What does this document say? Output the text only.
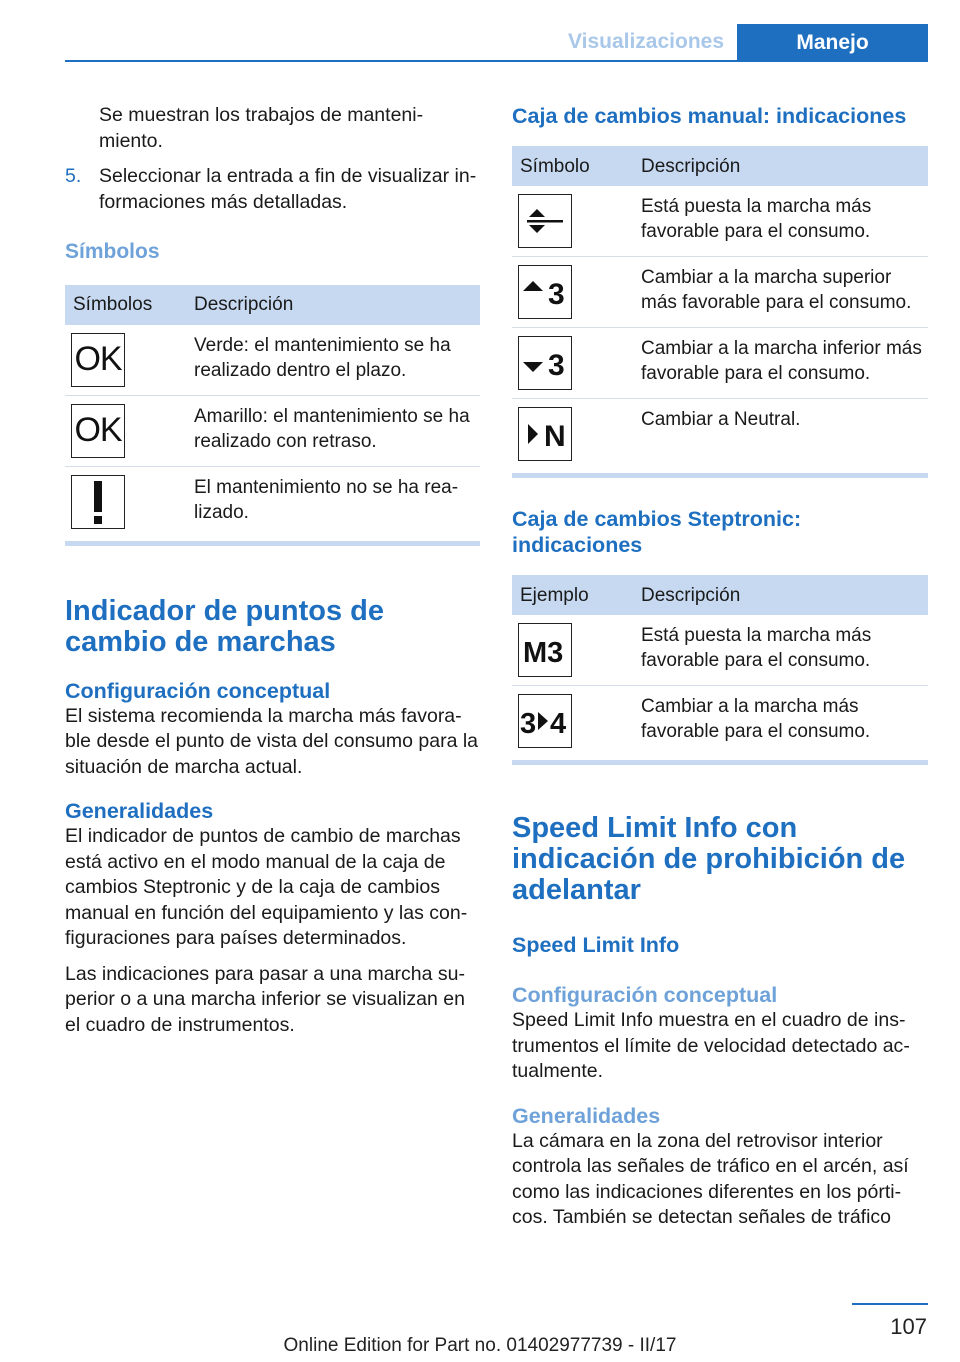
Visualizaciones	Manejo

Se muestran los trabajos de mantenimiento.

5. Seleccionar la entrada a fin de visualizar informaciones más detalladas.
Símbolos
Símbolos	Descripción

OK	Verde: el mantenimiento se ha realizado dentro el plazo.

OK	Amarillo: el mantenimiento se ha realizado con retraso.

	El mantenimiento no se ha realizado.
Indicador de puntos de cambio de marchas
Configuración conceptual

El sistema recomienda la marcha más favorable desde el punto de vista del consumo para la situación de marcha actual.

Generalidades

El indicador de puntos de cambio de marchas está activo en el modo manual de la caja de cambios Steptronic y de la caja de cambios manual en función del equipamiento y las configuraciones para países determinados.

Las indicaciones para pasar a una marcha superior o a una marcha inferior se visualizan en el cuadro de instrumentos.

Caja de cambios manual: indicaciones
Símbolo	Descripción

	Está puesta la marcha más favorable para el consumo.

3	Cambiar a la marcha superior más favorable para el consumo.

3	Cambiar a la marcha inferior más favorable para el consumo.

N	Cambiar a Neutral.
Caja de cambios Steptronic: indicaciones
Ejemplo	Descripción

M3	Está puesta la marcha más favorable para el consumo.

3 4	Cambiar a la marcha más favorable para el consumo.
Speed Limit Info con indicación de prohibición de adelantar
Speed Limit Info
Configuración conceptual

Speed Limit Info muestra en el cuadro de instrumentos el límite de velocidad detectado actualmente.

Generalidades

La cámara en la zona del retrovisor interior controla las señales de tráfico en el arcén, así como las indicaciones diferentes en los pórticos. También se detectan señales de tráfico

107
Online Edition for Part no. 01402977739 - II/17
